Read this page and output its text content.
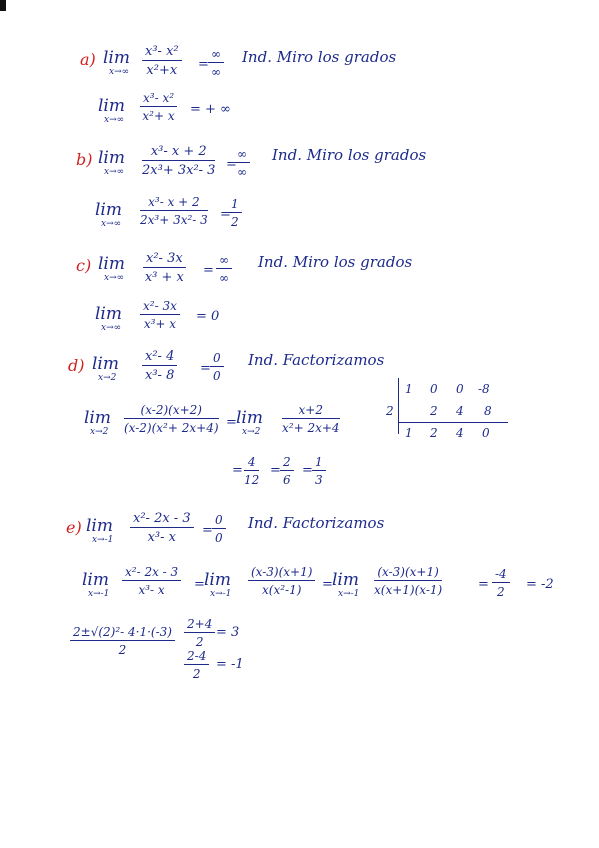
a) lim
$x\to\infty \frac{\text{x³- x²}}{\text{x²+x}}$ =
∞
∞
Ind. Miro los grados
lim
$x\to\infty \frac{\text{x³- x²}}{\text{x²+ x}}$ = + ∞
b) lim
$x\to\infty \frac{\text{x³- x + 2}}{\text{2x³+ 3x²- 3}}$ =
∞
∞
Ind. Miro los grados
lim
$x\to\infty \frac{\text{x³- x + 2}}{\text{2x³+ 3x²- 3}}$ =
$\frac{1}{2}$
c) lim
$x\to\infty \frac{\text{x²- 3x}}{\text{x³ + x}}$ =
∞
∞
Ind. Miro los grados
lim
$x\to\infty \frac{\text{x²- 3x}}{\text{x³+ x}} = 0$
d) lim
$x\to 2 \frac{\text{x²- 4}}{\text{x³- 8}} = \frac{0}{0}$ Ind. Factorizamos
lim
$x\to 2 \frac{(x-2)(x+2)}{\text{(x-2)(x²+ 2x+4)}} = \lim$
$x\to 2 \frac{x+2}{\text{x²+ 2x+4}}$
= $\frac{4}{12} = \frac{2}{6} = \frac{1}{3}$
2
1 0 0 -8
2 4 8
1 2 4 0
e) lim
$x\to-1 \frac{\text{x²- 2x - 3}}{\text{x³- x}} = \frac{0}{0}$ Ind. Factorizamos
lim
$x\to-1 \frac{\text{x²- 2x - 3}}{\text{x³- x}} = \lim$
$x\to-1 \frac{(x-3)(x+1)}{\text{x(x²-1)}} = \lim$
$x\to-1 \frac{(x-3)(x+1)}{x(x+1)(x-1)}$	= $\frac{-4}{2} = -2$
$\frac{\text{2±√(2)²- 4·1·(-3)}}{2} \frac{2+4}{2} = 3$
$\frac{2-4}{2} = -1$
